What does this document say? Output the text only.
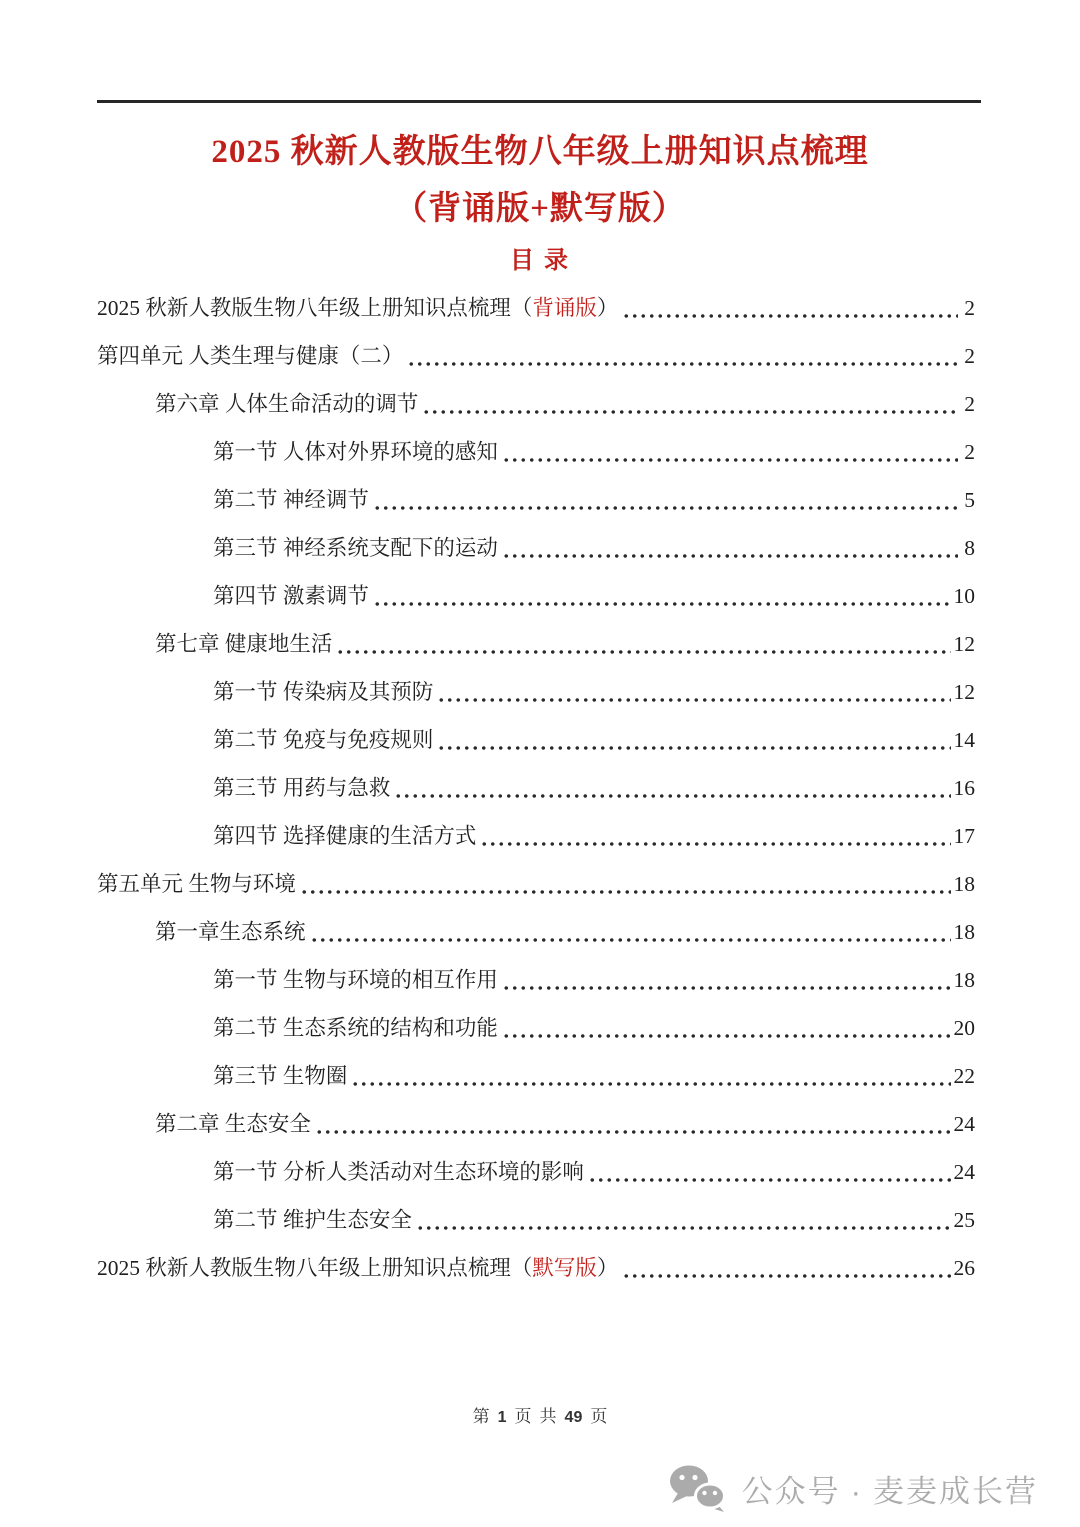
2025 秋新人教版生物八年级上册知识点梳理
（背诵版+默写版）
目 录
2025 秋新人教版生物八年级上册知识点梳理（ 背诵版 ）	2
第四单元 人类生理与健康（二）	2
第六章 人体生命活动的调节	2
第一节 人体对外界环境的感知	2
第二节 神经调节	5
第三节 神经系统支配下的运动	8
第四节 激素调节	10
第七章 健康地生活	12
第一节 传染病及其预防	12
第二节 免疫与免疫规则	14
第三节 用药与急救	16
第四节 选择健康的生活方式	17
第五单元 生物与环境	18
第一章生态系统	18
第一节 生物与环境的相互作用	18
第二节 生态系统的结构和功能	20
第三节 生物圈	22
第二章 生态安全	24
第一节 分析人类活动对生态环境的影响	24
第二节 维护生态安全	25
2025 秋新人教版生物八年级上册知识点梳理（ 默写版 ）	26
第 1 页 共 49 页
公众号 · 麦麦成长营
